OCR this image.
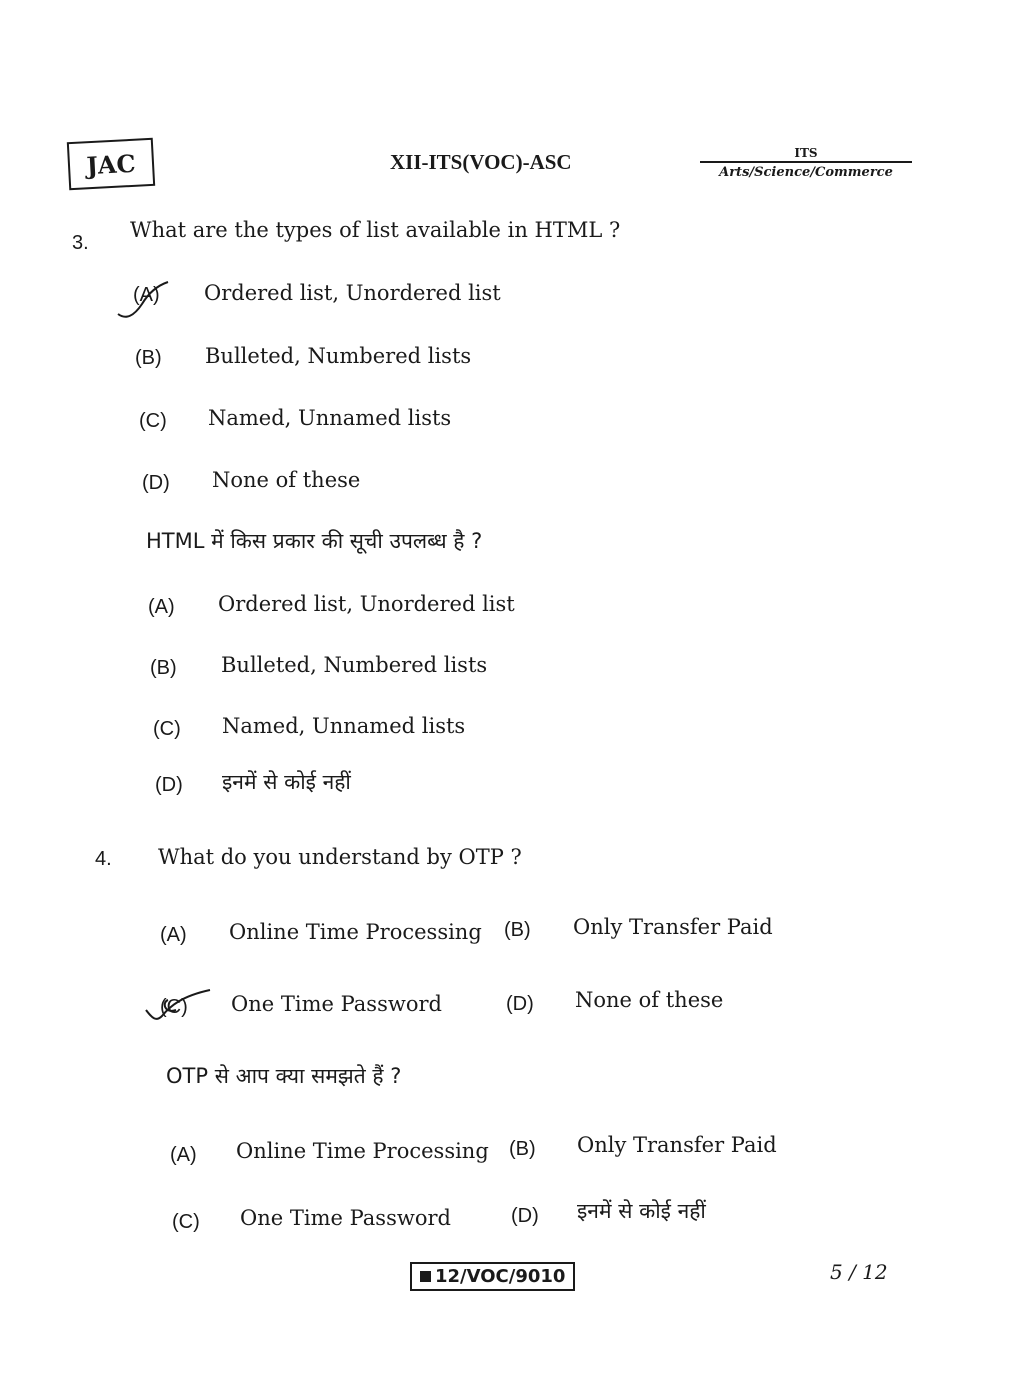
JAC	XII-ITS(VOC)-ASC	ITS
Arts/Science/Commerce
3.
What are the types of list available in HTML ?
(A) Ordered list, Unordered list
(B) Bulleted, Numbered lists
(C) Named, Unnamed lists
(D) None of these
HTML में किस प्रकार की सूची उपलब्ध है ?
(A) Ordered list, Unordered list
(B) Bulleted, Numbered lists
(C) Named, Unnamed lists
(D) इनमें से कोई नहीं
4. What do you understand by OTP ?
(A) Online Time Processing (B) Only Transfer Paid
(C) One Time Password	(D) None of these
OTP से आप क्या समझते हैं ?
(A) Online Time Processing (B) Only Transfer Paid
(C) One Time Password	(D) इनमें से कोई नहीं
12/VOC/9010	5 / 12
